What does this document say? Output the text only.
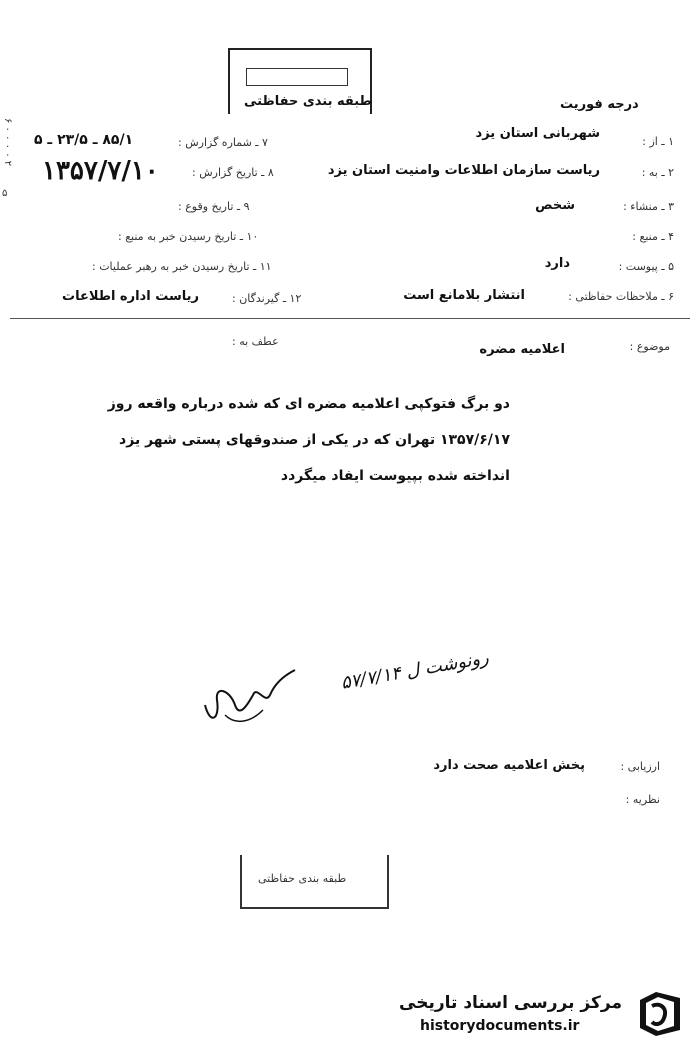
طبقه بندی حفاظتی	درجه فوریت
۶ ۰ ۰ ۰ ۰ ۲
۵
۱ ـ از :
شهربانی استان یزد
۲ ـ به :
ریاست سازمان اطلاعات وامنیت استان یزد
۳ ـ منشاء :
شخص
۴ ـ منبع :
۵ ـ پیوست :
دارد
۶ ـ ملاحظات حفاظتی :
انتشار بلامانع است
۷ ـ شماره گزارش :
۸۵/۱ ـ ۲۳/۵ ـ ۵
۸ ـ تاریخ گزارش :
۱۳۵۷/۷/۱۰
۹ ـ تاریخ وقوع :
۱۰ ـ تاریخ رسیدن خبر به منبع :
۱۱ ـ تاریخ رسیدن خبر به رهبر عملیات :
۱۲ ـ گیرندگان :
ریاست اداره اطلاعات
موضوع :
اعلامیه مضره
عطف به :
دو برگ فتوکپی اعلامیه مضره ای که شده درباره واقعه روز
۱۳۵۷/۶/۱۷ تهران که در یکی از صندوقهای پستی شهر یزد
انداخته شده بپیوست ایفاد میگردد
رونوشت ل ۵۷/۷/۱۴
ارزیابی :
پخش اعلامیه صحت دارد
نظریه :
طبقه بندی حفاظتی
مرکز بررسی اسناد تاریخی
historydocuments.ir
